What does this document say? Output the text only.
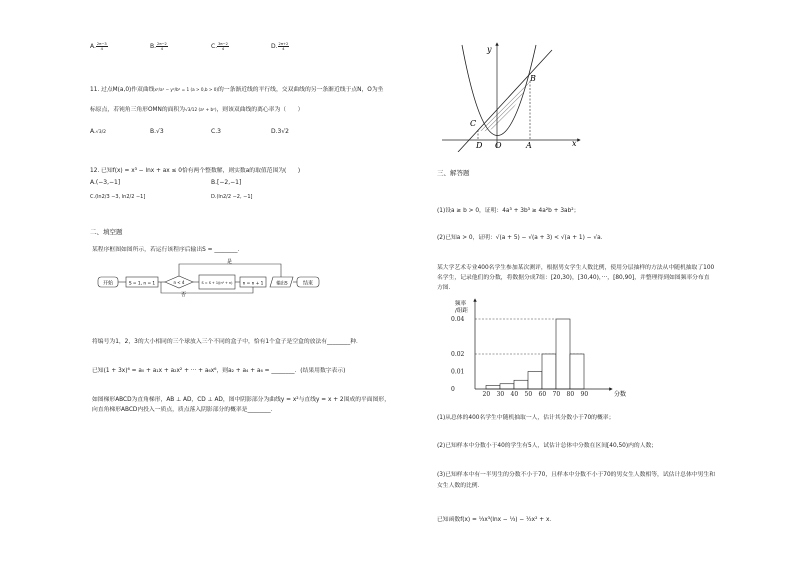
A. $\frac{2\pi-3}{4}$	B. $\frac{2\pi-2}{4}$	C. $\frac{3\pi-2}{4}$	D. $\frac{2\pi+2}{4}$
11. 过点M(a,0)作双曲线x²/a² − y²/b² = 1 (a > 0,b > 0)的一条渐近线的平行线，交双曲线的另一条渐近线于点N，O为坐
标原点，若钝角三角形OMN的面积为√3/12 (a² + b²)，则该双曲线的离心率为（　　）
A.√3/2	B.√3	C.3	D.3√2
12. 已知f(x) = x³ − lnx + ax ≤ 0恰有两个整数解，则实数a的取值范围为(　　)
A.(−3,−1]	B.[−2,−1]
C.(ln2/3 −3, ln2/2 −1]	D.(ln2/2 −2, −1]
二、填空题
某程序框图如图所示，若运行该程序后输出S = ________．
是
否
开始	S = 1, n = 1	n < 4	S = S + 1/(n² + n) n = n + 1	输出S	结束
将编号为1，2，3的大小相同的三个球放入三个不同的盒子中，恰有1个盒子是空盒的放法有________种．
已知(1 + 3x)⁶ = a₀ + a₁x + a₂x² + ··· + a₆x⁶，则a₂ + a₄ + a₆ = ________．(结果用数字表示)
如图梯形ABCD为直角梯形，AB ⊥ AD，CD ⊥ AD，图中阴影部分为曲线y = x²与直线y = x + 2围成的平面图形，
向直角梯形ABCD内投入一质点，质点落入阴影部分的概率是________．
y
x
B
C
D O	A
三、解答题
(1)设a ≥ b > 0，证明：4a³ + 3b³ ≥ 4a²b + 3ab²；
(2)已知a > 0，证明：√(a + 5) − √(a + 3) < √(a + 1) − √a．
某大学艺术专业400名学生参加某次测评，根据男女学生人数比例，使用分层抽样的方法从中随机抽取了100
名学生，记录他们的分数，将数据分成7组：[20,30)，[30,40)，···，[80,90]，并整理得到如图频率分布直
方图．
0.04
0.02
0.01
0
20 30 40 50 60 70 80 90
频率/组距
分数
(1)从总体的400名学生中随机抽取一人，估计其分数小于70的概率；
(2)已知样本中分数小于40的学生有5人，试估计总体中分数在区间[40,50)内的人数；
(3)已知样本中有一半男生的分数不小于70，且样本中分数不小于70的男女生人数相等，试估计总体中男生和
女生人数的比例．
已知函数f(x) = ⅓x³(lnx − ⅓) − ½x² + x．
